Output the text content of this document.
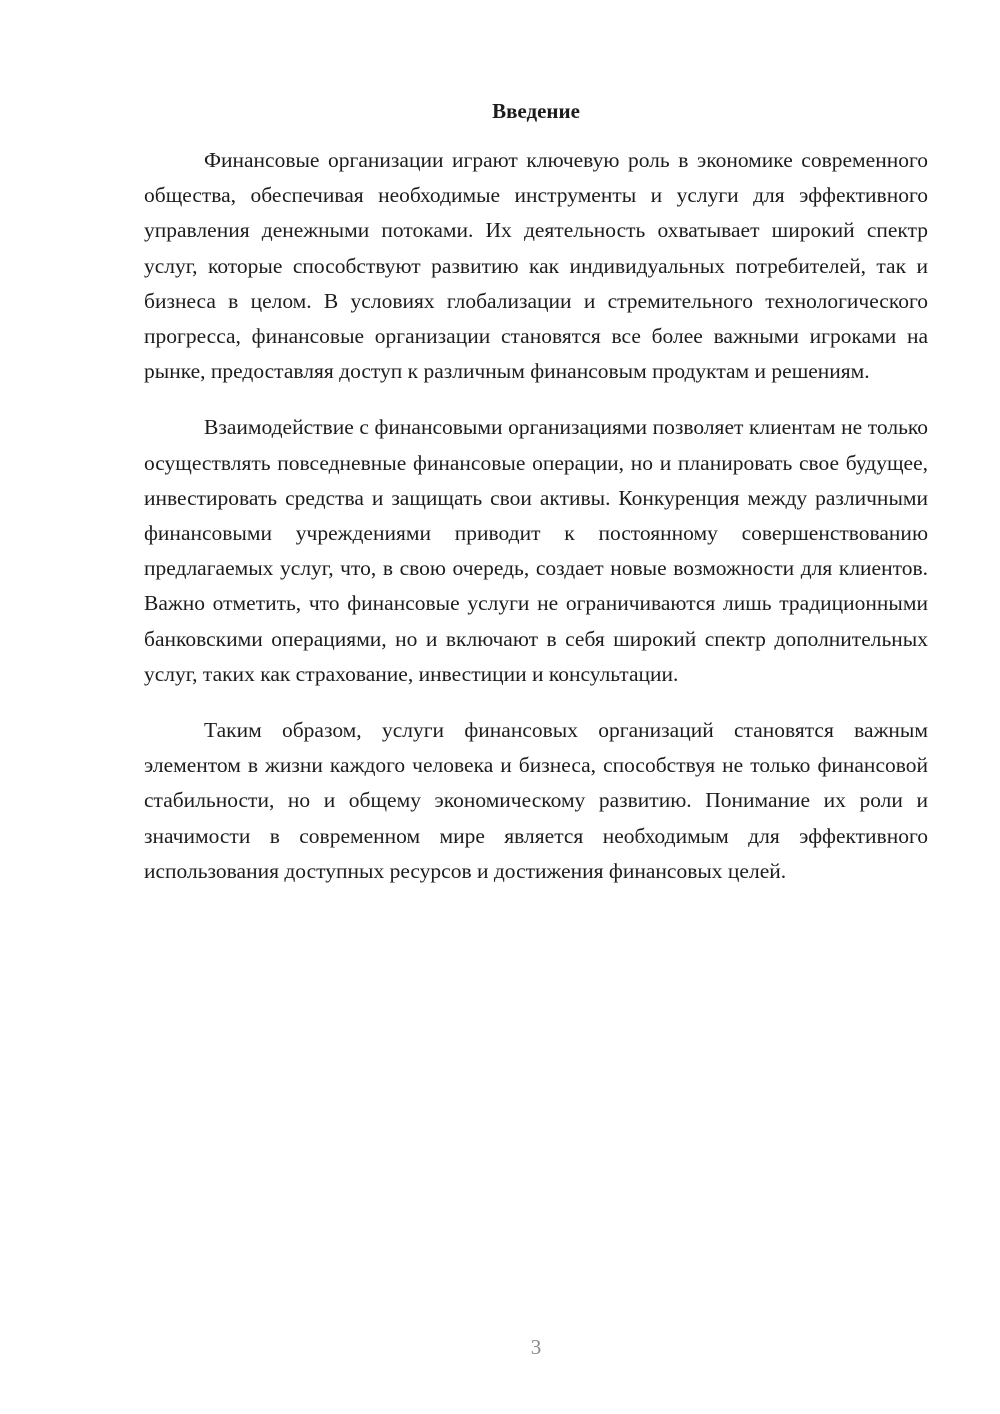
Введение

Финансовые организации играют ключевую роль в экономике современного общества, обеспечивая необходимые инструменты и услуги для эффективного управления денежными потоками. Их деятельность охватывает широкий спектр услуг, которые способствуют развитию как индивидуальных потребителей, так и бизнеса в целом. В условиях глобализации и стремительного технологического прогресса, финансовые организации становятся все более важными игроками на рынке, предоставляя доступ к различным финансовым продуктам и решениям.

Взаимодействие с финансовыми организациями позволяет клиентам не только осуществлять повседневные финансовые операции, но и планировать свое будущее, инвестировать средства и защищать свои активы. Конкуренция между различными финансовыми учреждениями приводит к постоянному совершенствованию предлагаемых услуг, что, в свою очередь, создает новые возможности для клиентов. Важно отметить, что финансовые услуги не ограничиваются лишь традиционными банковскими операциями, но и включают в себя широкий спектр дополнительных услуг, таких как страхование, инвестиции и консультации.

Таким образом, услуги финансовых организаций становятся важным элементом в жизни каждого человека и бизнеса, способствуя не только финансовой стабильности, но и общему экономическому развитию. Понимание их роли и значимости в современном мире является необходимым для эффективного использования доступных ресурсов и достижения финансовых целей.

3
